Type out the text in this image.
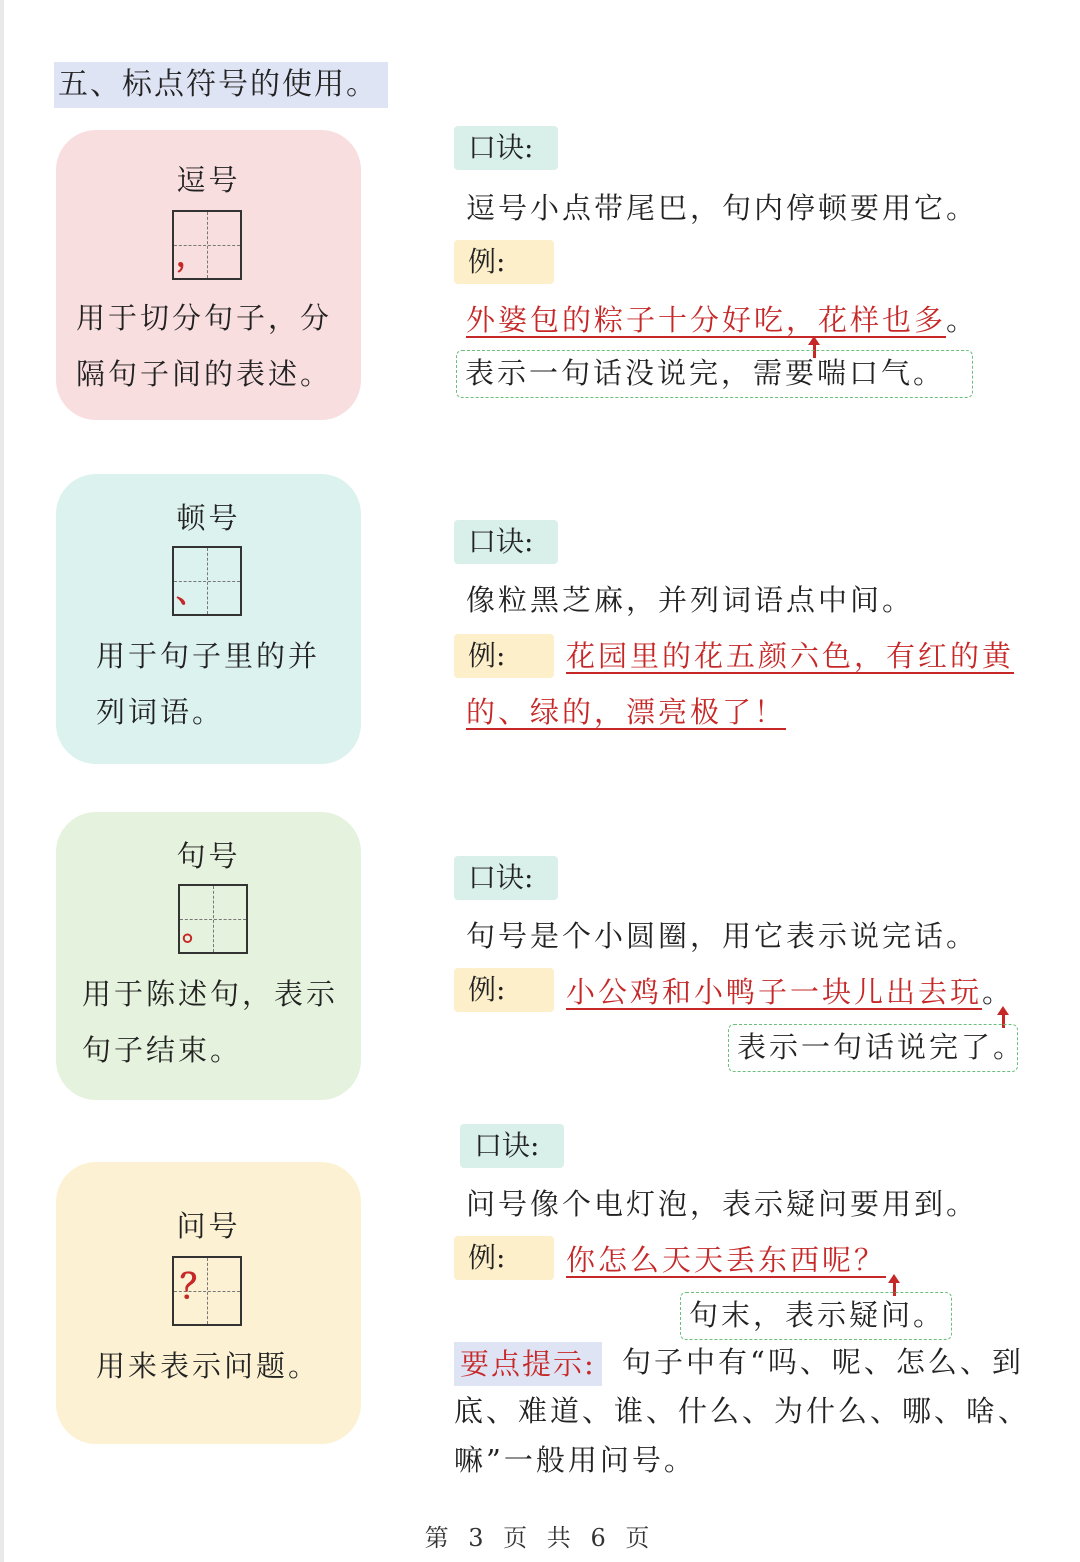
五、标点符号的使用。
逗号
，
用于切分句子，分
隔句子间的表述。
顿号
、
用于句子里的并
列词语。
句号
。
用于陈述句，表示
句子结束。
问号
？
用来表示问题。
口诀:
逗号小点带尾巴，句内停顿要用它。
例:
外婆包的粽子十分好吃，花样也多。
表示一句话没说完，需要喘口气。
口诀:
像粒黑芝麻，并列词语点中间。
例:	花园里的花五颜六色，有红的黄
的、绿的，漂亮极了！
口诀:
句号是个小圆圈，用它表示说完话。
例:	小公鸡和小鸭子一块儿出去玩。
表示一句话说完了。
口诀:
问号像个电灯泡，表示疑问要用到。
例:	你怎么天天丢东西呢？
句末，表示疑问。
要点提示: 句子中有“吗、呢、怎么、到底、难道、谁、什么、为什么、哪、啥、嘛”一般用问号。
第 3 页 共 6 页
